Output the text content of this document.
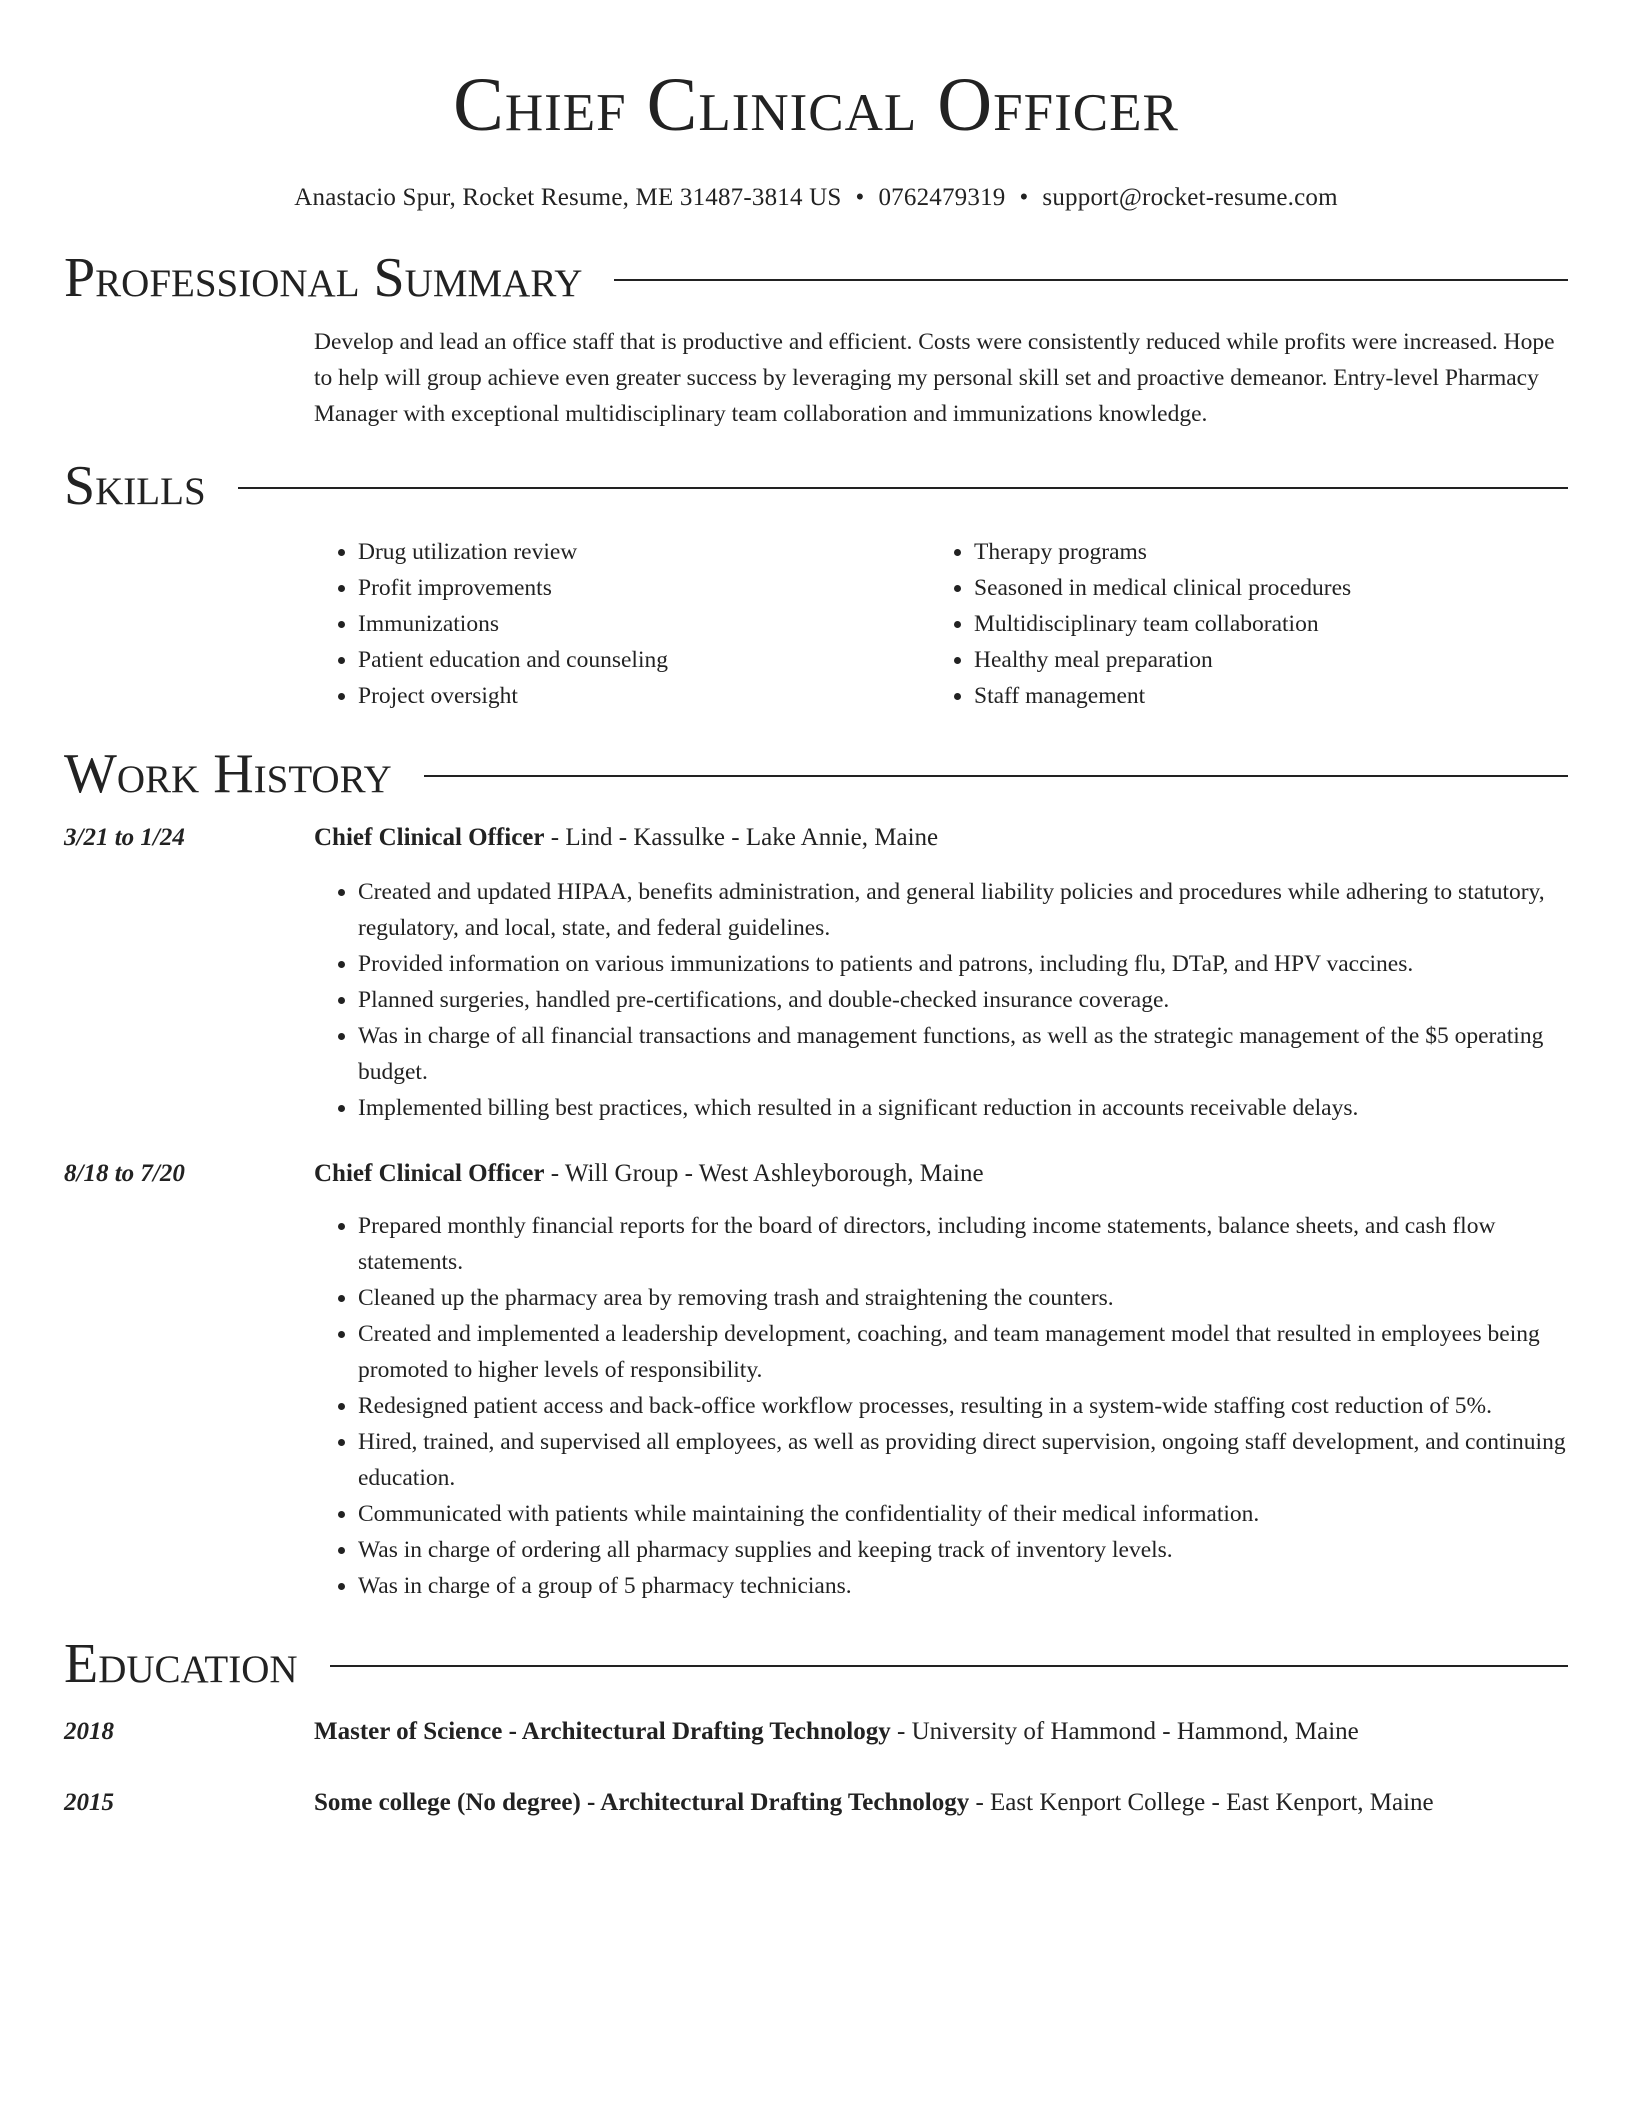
Chief Clinical Officer
Anastacio Spur, Rocket Resume, ME 31487-3814 US • 0762479319 • support@rocket-resume.com
Professional Summary
Develop and lead an office staff that is productive and efficient. Costs were consistently reduced while profits were increased. Hope to help will group achieve even greater success by leveraging my personal skill set and proactive demeanor. Entry-level Pharmacy Manager with exceptional multidisciplinary team collaboration and immunizations knowledge.
Skills
• Drug utilization review
• Profit improvements
• Immunizations
• Patient education and counseling
• Project oversight
• Therapy programs
• Seasoned in medical clinical procedures
• Multidisciplinary team collaboration
• Healthy meal preparation
• Staff management
Work History
3/21 to 1/24	Chief Clinical Officer - Lind - Kassulke - Lake Annie, Maine
• Created and updated HIPAA, benefits administration, and general liability policies and procedures while adhering to statutory, regulatory, and local, state, and federal guidelines.
• Provided information on various immunizations to patients and patrons, including flu, DTaP, and HPV vaccines.
• Planned surgeries, handled pre-certifications, and double-checked insurance coverage.
• Was in charge of all financial transactions and management functions, as well as the strategic management of the $5 operating budget.
• Implemented billing best practices, which resulted in a significant reduction in accounts receivable delays.
8/18 to 7/20	Chief Clinical Officer - Will Group - West Ashleyborough, Maine
• Prepared monthly financial reports for the board of directors, including income statements, balance sheets, and cash flow statements.
• Cleaned up the pharmacy area by removing trash and straightening the counters.
• Created and implemented a leadership development, coaching, and team management model that resulted in employees being promoted to higher levels of responsibility.
• Redesigned patient access and back-office workflow processes, resulting in a system-wide staffing cost reduction of 5%.
• Hired, trained, and supervised all employees, as well as providing direct supervision, ongoing staff development, and continuing education.
• Communicated with patients while maintaining the confidentiality of their medical information.
• Was in charge of ordering all pharmacy supplies and keeping track of inventory levels.
• Was in charge of a group of 5 pharmacy technicians.
Education
2018	Master of Science - Architectural Drafting Technology - University of Hammond - Hammond, Maine
2015	Some college (No degree) - Architectural Drafting Technology - East Kenport College - East Kenport, Maine
